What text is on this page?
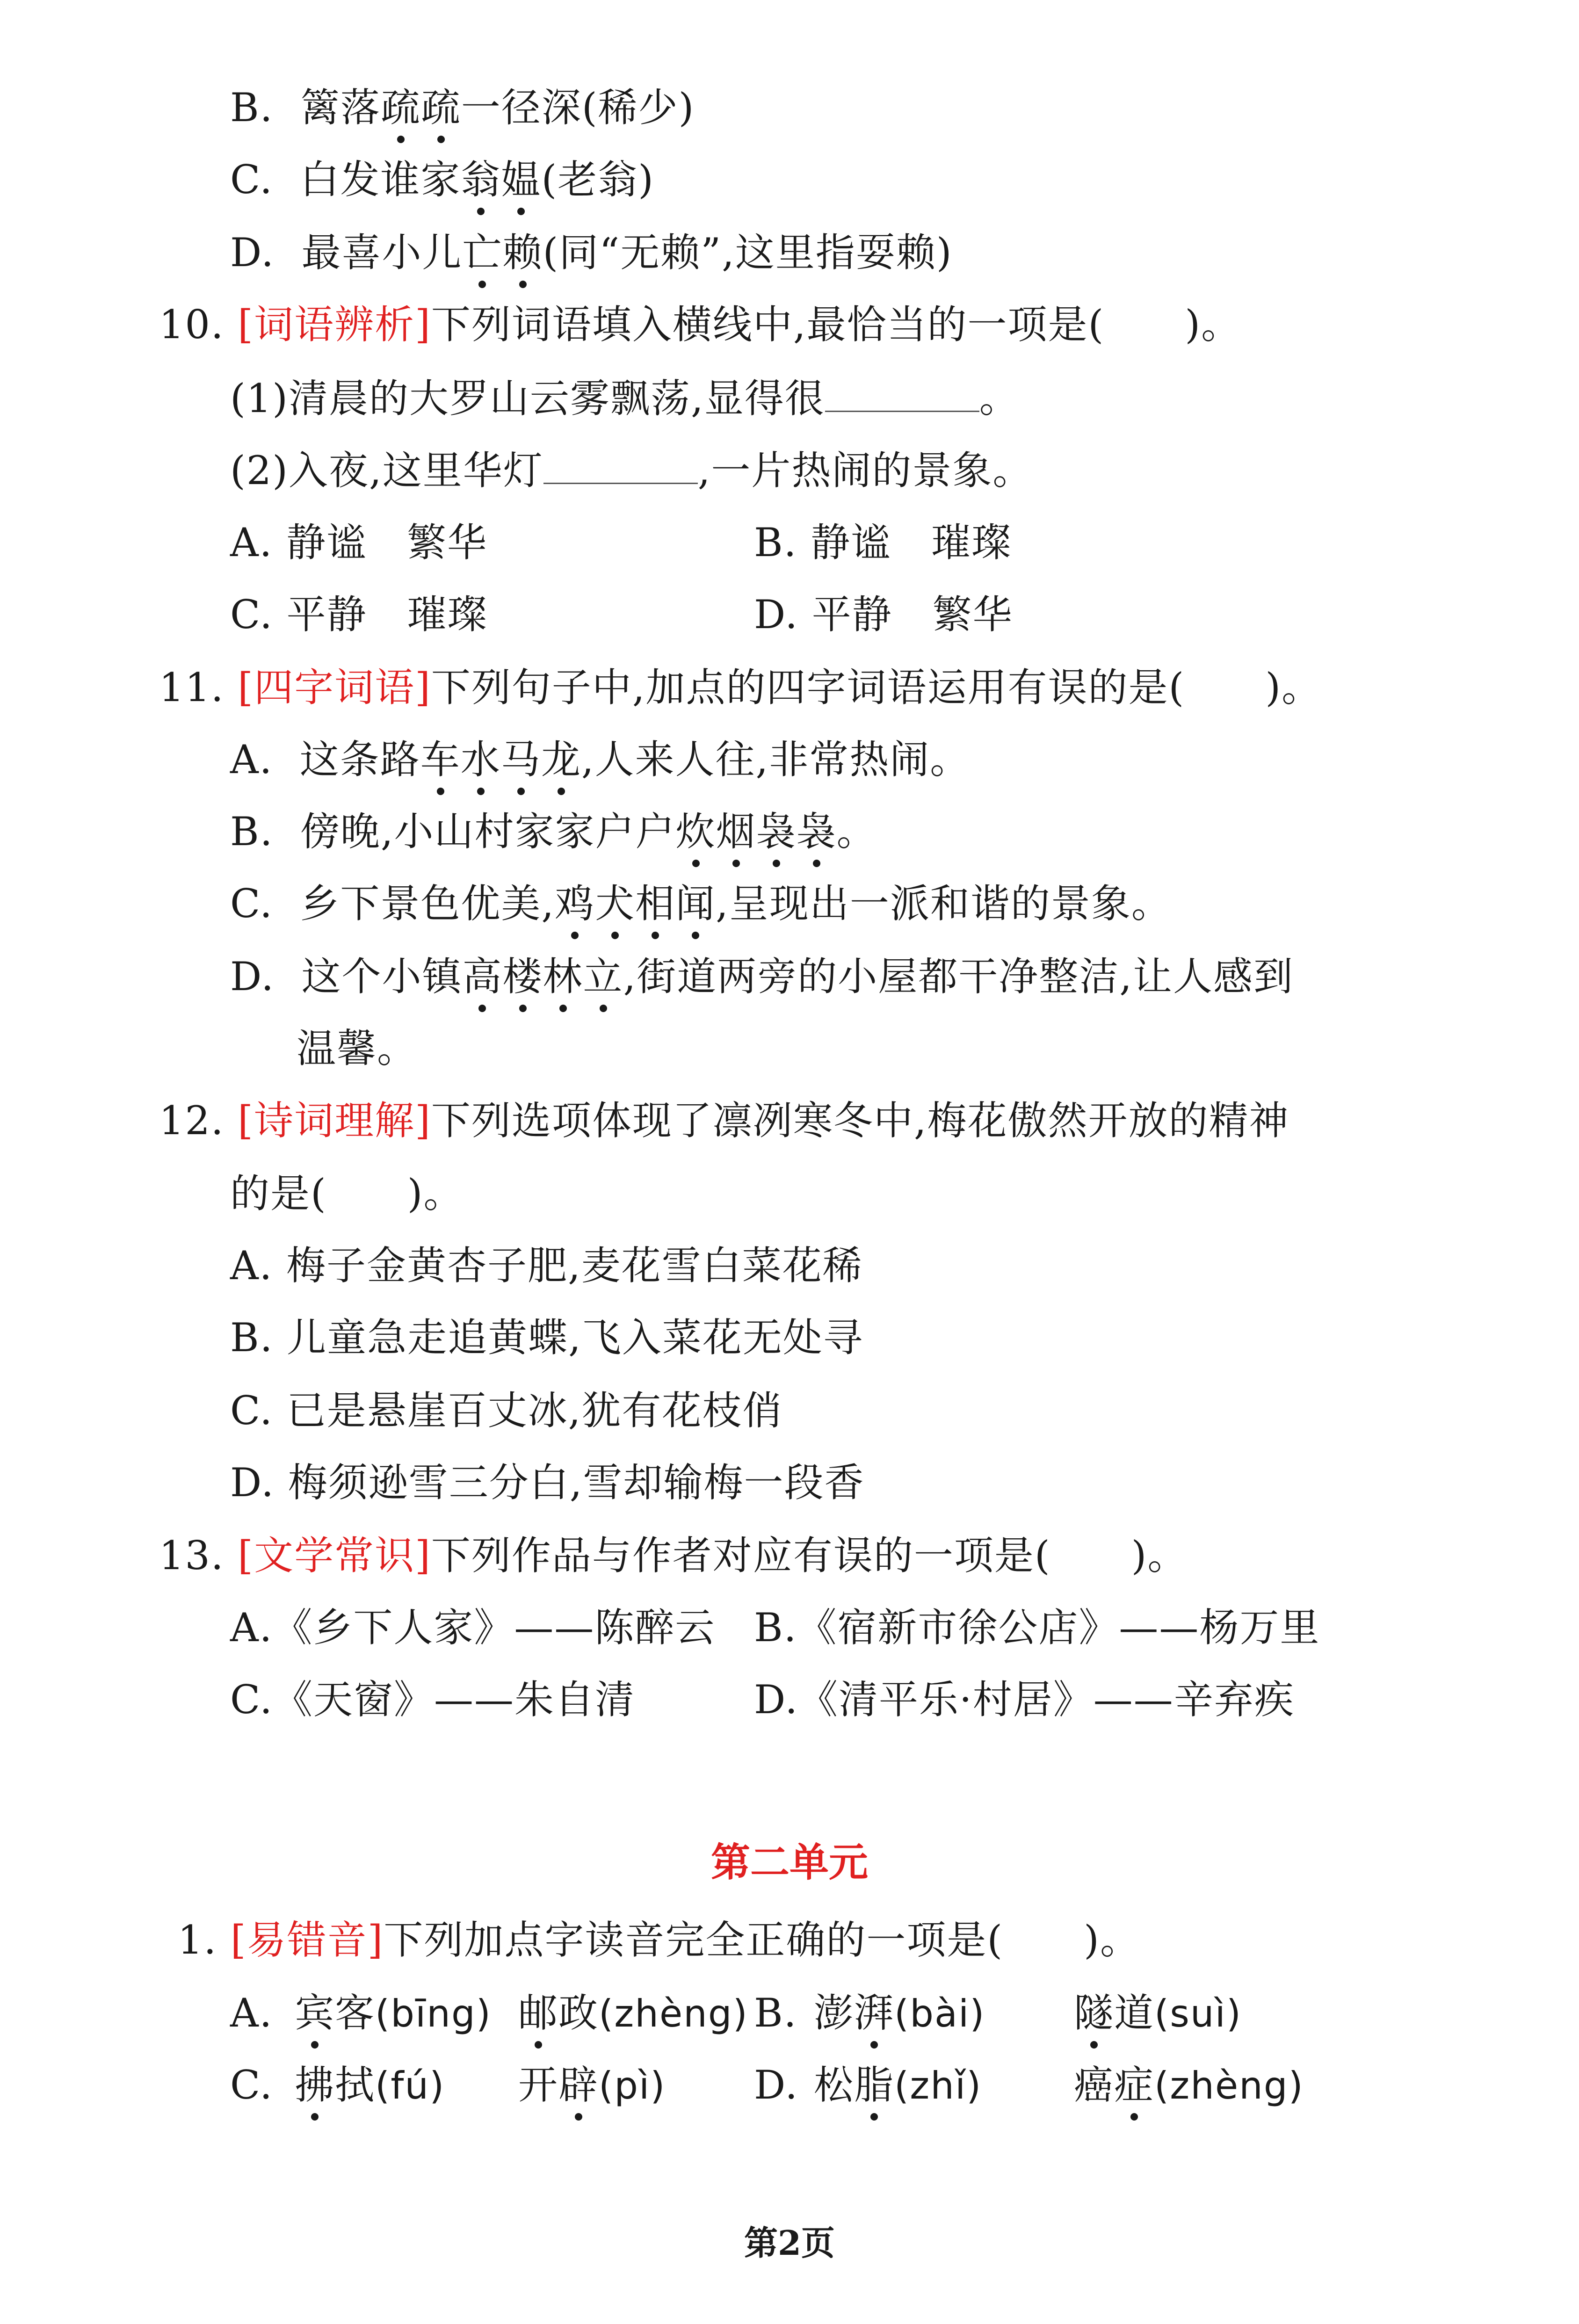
B. 篱落疏疏一径深(稀少)
C. 白发谁家翁媪(老翁)
D. 最喜小儿亡赖(同“无赖”,这里指耍赖)
10. [词语辨析]下列词语填入横线中,最恰当的一项是(　　)。
(1)清晨的大罗山云雾飘荡,显得很	。
(2)入夜,这里华灯	,一片热闹的景象。
A. 静谧　繁华	B. 静谧　璀璨
C. 平静　璀璨	D. 平静　繁华
11. [四字词语]下列句子中,加点的四字词语运用有误的是(　　)。
A. 这条路车水马龙,人来人往,非常热闹。
B. 傍晚,小山村家家户户炊烟袅袅。
C. 乡下景色优美,鸡犬相闻,呈现出一派和谐的景象。
D. 这个小镇高楼林立,街道两旁的小屋都干净整洁,让人感到
温馨。
12. [诗词理解]下列选项体现了凛冽寒冬中,梅花傲然开放的精神
的是(　　)。
A. 梅子金黄杏子肥,麦花雪白菜花稀
B. 儿童急走追黄蝶,飞入菜花无处寻
C. 已是悬崖百丈冰,犹有花枝俏
D. 梅须逊雪三分白,雪却输梅一段香
13. [文学常识]下列作品与作者对应有误的一项是(　　)。
A.《乡下人家》——陈醉云 B.《宿新市徐公店》——杨万里
C.《天窗》——朱自清	D.《清平乐·村居》——辛弃疾
第二单元
1. [易错音]下列加点字读音完全正确的一项是(　　)。
A. 宾客(bīng) 邮政(zhèng) B. 澎湃(bài) 隧道(suì)
C. 拂拭(fú) 开辟(pì) D. 松脂(zhǐ) 癌症(zhèng)
第2页
